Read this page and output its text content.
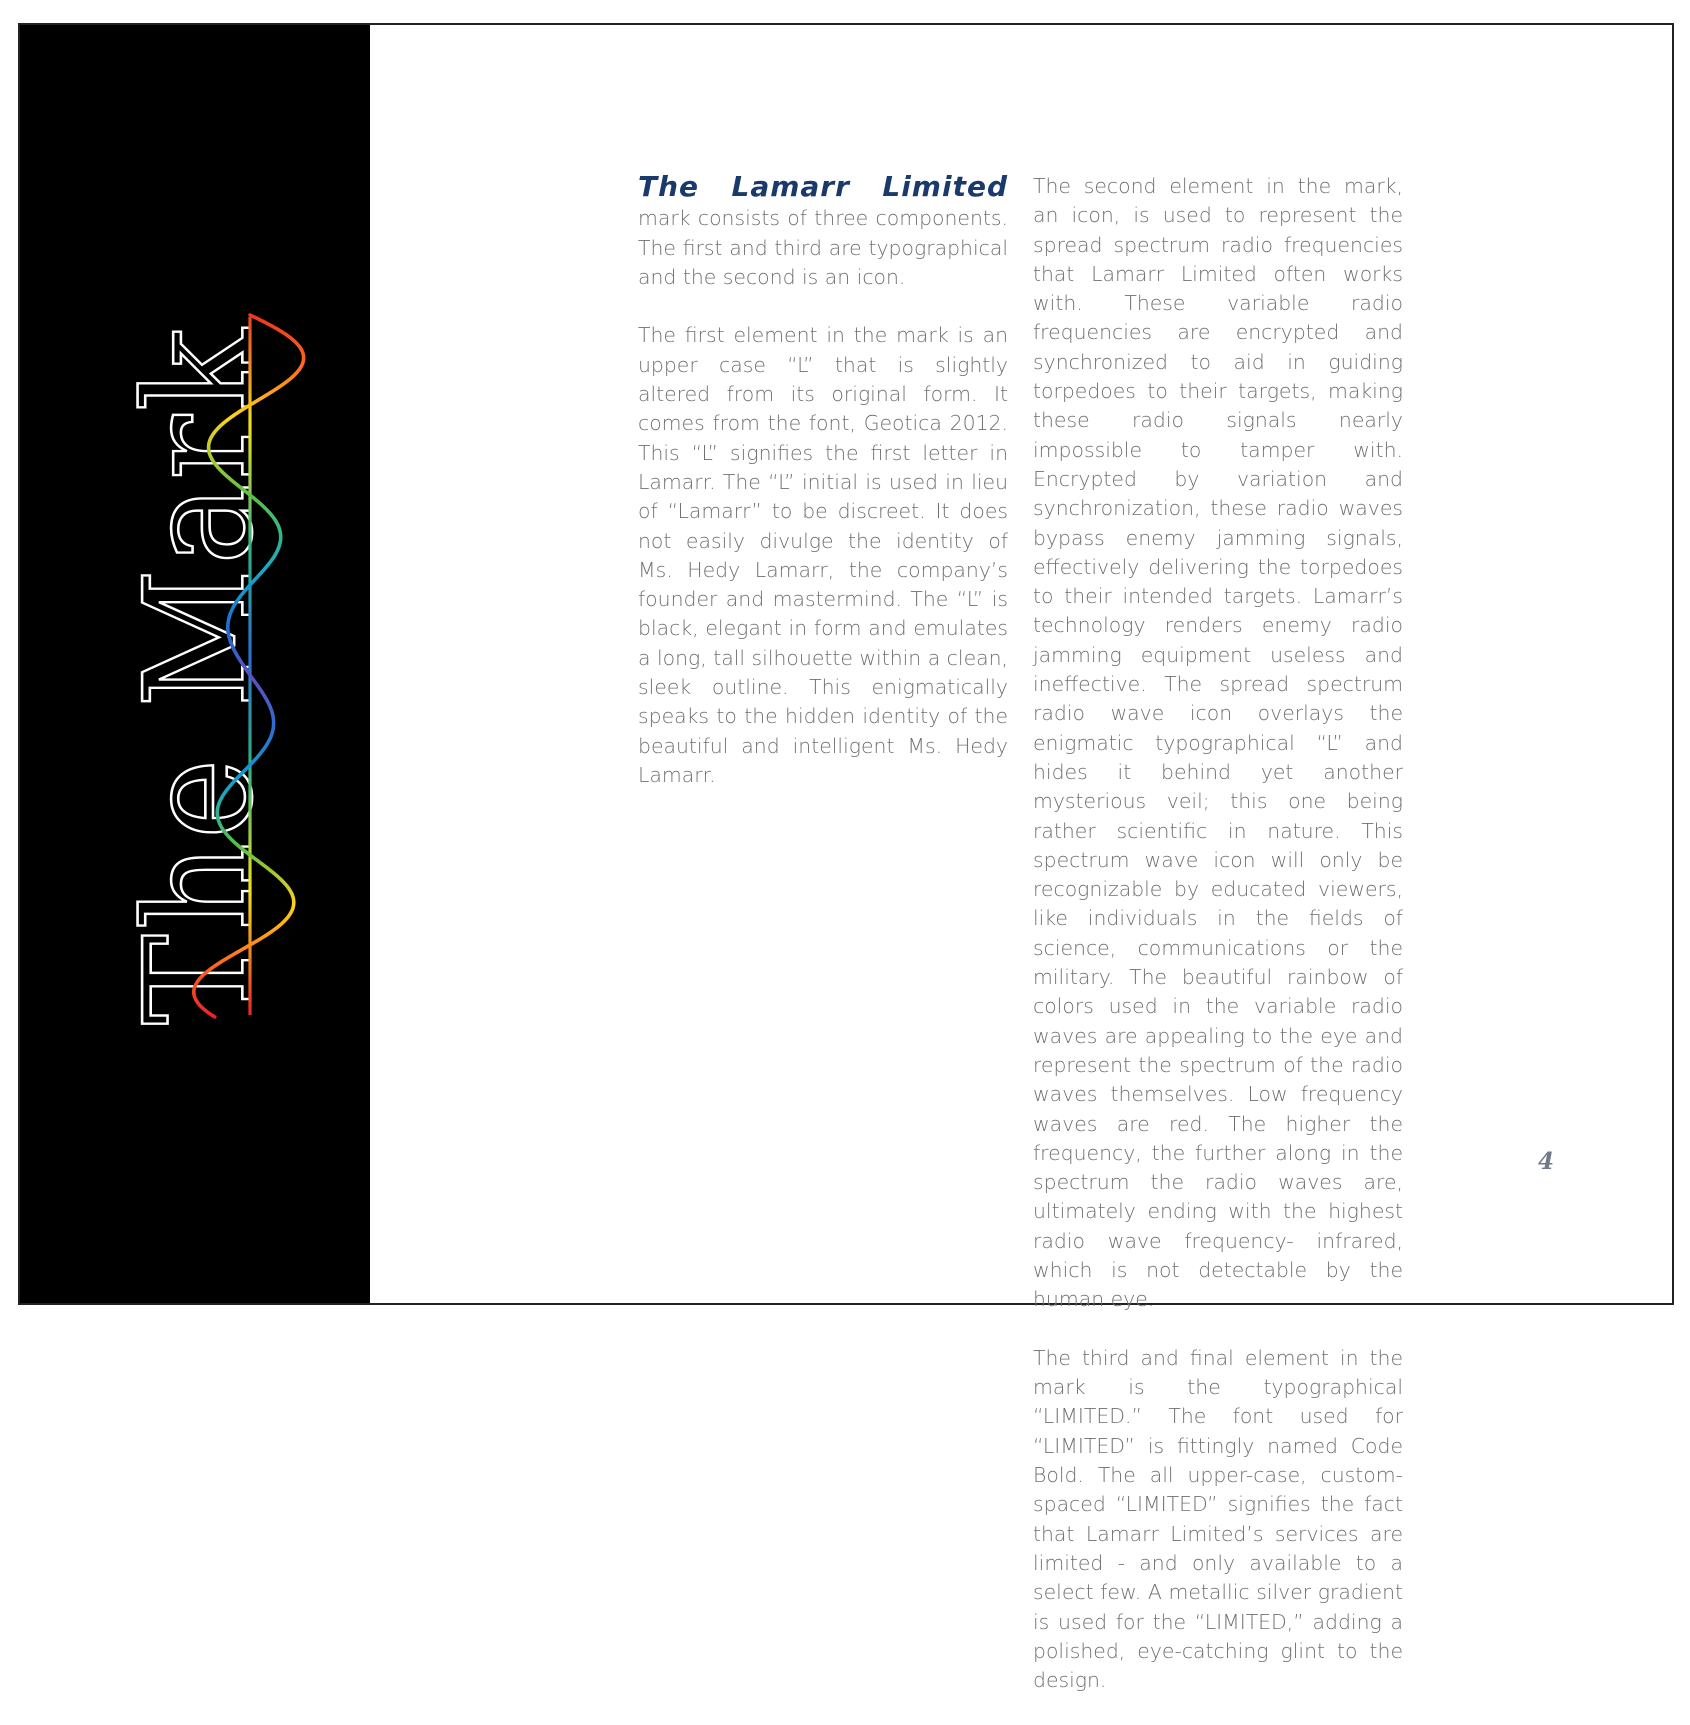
The Mark

The Lamarr Limited mark consists of three components. The first and third are typographical and the second is an icon.

The first element in the mark is an upper case “L” that is slightly altered from its original form. It comes from the font, Geotica 2012. This “L” signifies the first letter in Lamarr. The “L” initial is used in lieu of “Lamarr” to be discreet. It does not easily divulge the identity of Ms. Hedy Lamarr, the company’s founder and mastermind. The “L” is black, elegant in form and emulates a long, tall silhouette within a clean, sleek outline. This enigmatically speaks to the hidden identity of the beautiful and intelligent Ms. Hedy Lamarr.

The second element in the mark, an icon, is used to represent the spread spectrum radio frequencies that Lamarr Limited often works with. These variable radio frequencies are encrypted and synchronized to aid in guiding torpedoes to their targets, making these radio signals nearly impossible to tamper with. Encrypted by variation and synchronization, these radio waves bypass enemy jamming signals, effectively delivering the torpedoes to their intended targets. Lamarr’s technology renders enemy radio jamming equipment useless and ineffective. The spread spectrum radio wave icon overlays the enigmatic typographical “L” and hides it behind yet another mysterious veil; this one being rather scientific in nature. This spectrum wave icon will only be recognizable by educated viewers, like individuals in the fields of science, communications or the military. The beautiful rainbow of colors used in the variable radio waves are appealing to the eye and represent the spectrum of the radio waves themselves. Low frequency waves are red. The higher the frequency, the further along in the spectrum the radio waves are, ultimately ending with the highest radio wave frequency- infrared, which is not detectable by the human eye.

The third and final element in the mark is the typographical “LIMITED.” The font used for “LIMITED” is fittingly named Code Bold. The all upper-case, custom-spaced “LIMITED” signifies the fact that Lamarr Limited’s services are limited - and only available to a select few. A metallic silver gradient is used for the “LIMITED,” adding a polished, eye-catching glint to the design.

4
